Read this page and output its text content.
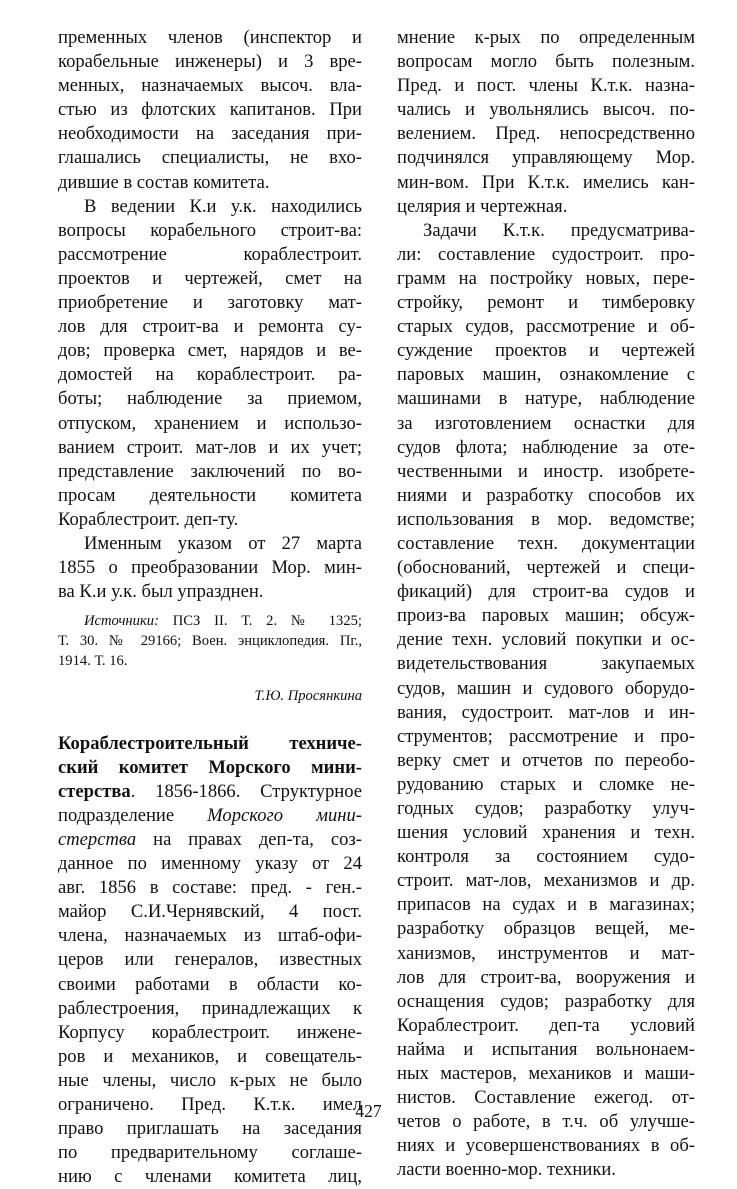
пременных членов (инспектор и
корабельные инженеры) и 3 вре-
менных, назначаемых высоч. вла-
стью из флотских капитанов. При
необходимости на заседания при-
глашались специалисты, не вхо-
дившие в состав комитета.
В ведении К.и у.к. находились
вопросы корабельного строит-ва:
рассмотрение кораблестроит.
проектов и чертежей, смет на
приобретение и заготовку мат-
лов для строит-ва и ремонта су-
дов; проверка смет, нарядов и ве-
домостей на кораблестроит. ра-
боты; наблюдение за приемом,
отпуском, хранением и использо-
ванием строит. мат-лов и их учет;
представление заключений по во-
просам деятельности комитета
Кораблестроит. деп-ту.
Именным указом от 27 марта
1855 о преобразовании Мор. мин-
ва К.и у.к. был упразднен.
Источники: ПСЗ II. Т. 2. № 1325;
Т. 30. № 29166; Воен. энциклопедия. Пг.,
1914. Т. 16.
Т.Ю. Просянкина
Кораблестроительный техниче-
ский комитет Морского мини-
стерства. 1856-1866. Структурное
подразделение Морского мини-
стерства на правах деп-та, соз-
данное по именному указу от 24
авг. 1856 в составе: пред. - ген.-
майор С.И.Чернявский, 4 пост.
члена, назначаемых из штаб-офи-
церов или генералов, известных
своими работами в области ко-
раблестроения, принадлежащих к
Корпусу кораблестроит. инжене-
ров и механиков, и совещатель-
ные члены, число к-рых не было
ограничено. Пред. К.т.к. имел
право приглашать на заседания
по предварительному соглаше-
нию с членами комитета лиц,
мнение к-рых по определенным
вопросам могло быть полезным.
Пред. и пост. члены К.т.к. назна-
чались и увольнялись высоч. по-
велением. Пред. непосредственно
подчинялся управляющему Мор.
мин-вом. При К.т.к. имелись кан-
целярия и чертежная.
Задачи К.т.к. предусматрива-
ли: составление судостроит. про-
грамм на постройку новых, пере-
стройку, ремонт и тимберовку
старых судов, рассмотрение и об-
суждение проектов и чертежей
паровых машин, ознакомление с
машинами в натуре, наблюдение
за изготовлением оснастки для
судов флота; наблюдение за оте-
чественными и иностр. изобрете-
ниями и разработку способов их
использования в мор. ведомстве;
составление техн. документации
(обоснований, чертежей и специ-
фикаций) для строит-ва судов и
произ-ва паровых машин; обсуж-
дение техн. условий покупки и ос-
видетельствования закупаемых
судов, машин и судового оборудо-
вания, судостроит. мат-лов и ин-
струментов; рассмотрение и про-
верку смет и отчетов по переобо-
рудованию старых и сломке не-
годных судов; разработку улуч-
шения условий хранения и техн.
контроля за состоянием судо-
строит. мат-лов, механизмов и др.
припасов на судах и в магазинах;
разработку образцов вещей, ме-
ханизмов, инструментов и мат-
лов для строит-ва, вооружения и
оснащения судов; разработку для
Кораблестроит. деп-та условий
найма и испытания вольнонаем-
ных мастеров, механиков и маши-
нистов. Составление ежегод. от-
четов о работе, в т.ч. об улучше-
ниях и усовершенствованиях в об-
ласти военно-мор. техники.
427
